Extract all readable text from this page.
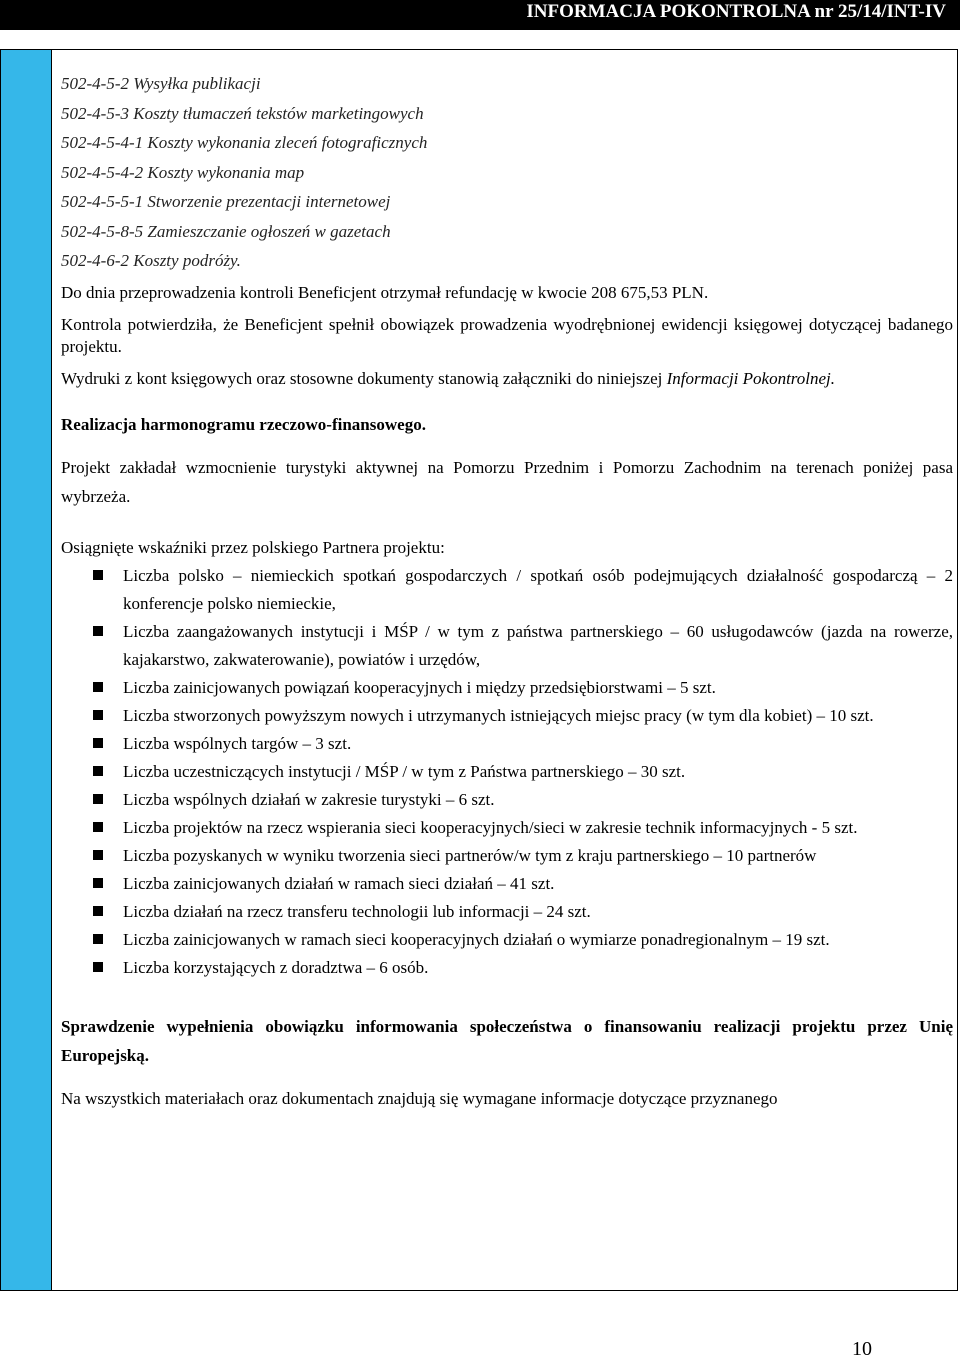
INFORMACJA POKONTROLNA nr 25/14/INT-IV
502-4-5-2 Wysyłka publikacji
502-4-5-3 Koszty tłumaczeń tekstów marketingowych
502-4-5-4-1 Koszty wykonania zleceń fotograficznych
502-4-5-4-2 Koszty wykonania map
502-4-5-5-1 Stworzenie prezentacji internetowej
502-4-5-8-5 Zamieszczanie ogłoszeń w gazetach
502-4-6-2 Koszty podróży.

Do dnia przeprowadzenia kontroli Beneficjent otrzymał refundację w kwocie 208 675,53 PLN.

Kontrola potwierdziła, że Beneficjent spełnił obowiązek prowadzenia wyodrębnionej ewidencji księgowej dotyczącej badanego projektu.

Wydruki z kont księgowych oraz stosowne dokumenty stanowią załączniki do niniejszej Informacji Pokontrolnej.

Realizacja harmonogramu rzeczowo-finansowego.

Projekt zakładał wzmocnienie turystyki aktywnej na Pomorzu Przednim i Pomorzu Zachodnim na terenach poniżej pasa wybrzeża.

Osiągnięte wskaźniki przez polskiego Partnera projektu:

Liczba polsko – niemieckich spotkań gospodarczych / spotkań osób podejmujących działalność gospodarczą – 2 konferencje polsko niemieckie,
Liczba zaangażowanych instytucji i MŚP / w tym z państwa partnerskiego – 60 usługodawców (jazda na rowerze, kajakarstwo, zakwaterowanie), powiatów i urzędów,
Liczba zainicjowanych powiązań kooperacyjnych i między przedsiębiorstwami – 5 szt.
Liczba stworzonych powyższym nowych i utrzymanych istniejących miejsc pracy (w tym dla kobiet) – 10 szt.
Liczba wspólnych targów – 3 szt.
Liczba uczestniczących instytucji / MŚP / w tym z Państwa partnerskiego – 30 szt.
Liczba wspólnych działań w zakresie turystyki – 6 szt.
Liczba projektów na rzecz wspierania sieci kooperacyjnych/sieci w zakresie technik informacyjnych - 5 szt.
Liczba pozyskanych w wyniku tworzenia sieci partnerów/w tym z kraju partnerskiego – 10 partnerów
Liczba zainicjowanych działań w ramach sieci działań – 41 szt.
Liczba działań na rzecz transferu technologii lub informacji – 24 szt.
Liczba zainicjowanych w ramach sieci kooperacyjnych działań o wymiarze ponadregionalnym – 19 szt.
Liczba korzystających z doradztwa – 6 osób.

Sprawdzenie wypełnienia obowiązku informowania społeczeństwa o finansowaniu realizacji projektu przez Unię Europejską.

Na wszystkich materiałach oraz dokumentach znajdują się wymagane informacje dotyczące przyznanego

10
